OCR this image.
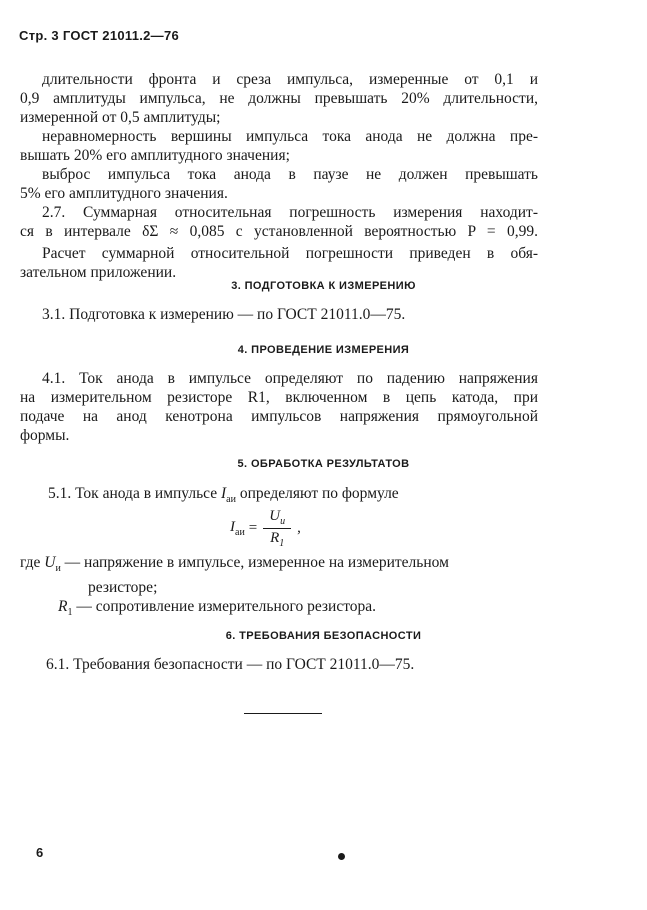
Стр. 3 ГОСТ 21011.2—76
длительности фронта и среза импульса, измеренные от 0,1 и
0,9 амплитуды импульса, не должны превышать 20% длительности,
измеренной от 0,5 амплитуды;
неравномерность вершины импульса тока анода не должна пре-
вышать 20% его амплитудного значения;
выброс импульса тока анода в паузе не должен превышать
5% его амплитудного значения.
2.7. Суммарная относительная погрешность измерения находит-
ся в интервале δΣ ≈ 0,085 с установленной вероятностью P = 0,99.
Расчет суммарной относительной погрешности приведен в обя-
зательном приложении.
3. ПОДГОТОВКА К ИЗМЕРЕНИЮ
3.1. Подготовка к измерению — по ГОСТ 21011.0—75.
4. ПРОВЕДЕНИЕ ИЗМЕРЕНИЯ
4.1. Ток анода в импульсе определяют по падению напряжения
на измерительном резисторе R1, включенном в цепь катода, при
подаче на анод кенотрона импульсов напряжения прямоугольной
формы.
5. ОБРАБОТКА РЕЗУЛЬТАТОВ
5.1. Ток анода в импульсе $I_{аи}$ определяют по формуле
$I_{аи} = \frac{U_и}{R_1}$ ,
где $U_и$ — напряжение в импульсе, измеренное на измерительном
резисторе;
$R_1$ — сопротивление измерительного резистора.
6. ТРЕБОВАНИЯ БЕЗОПАСНОСТИ
6.1. Требования безопасности — по ГОСТ 21011.0—75.
6
